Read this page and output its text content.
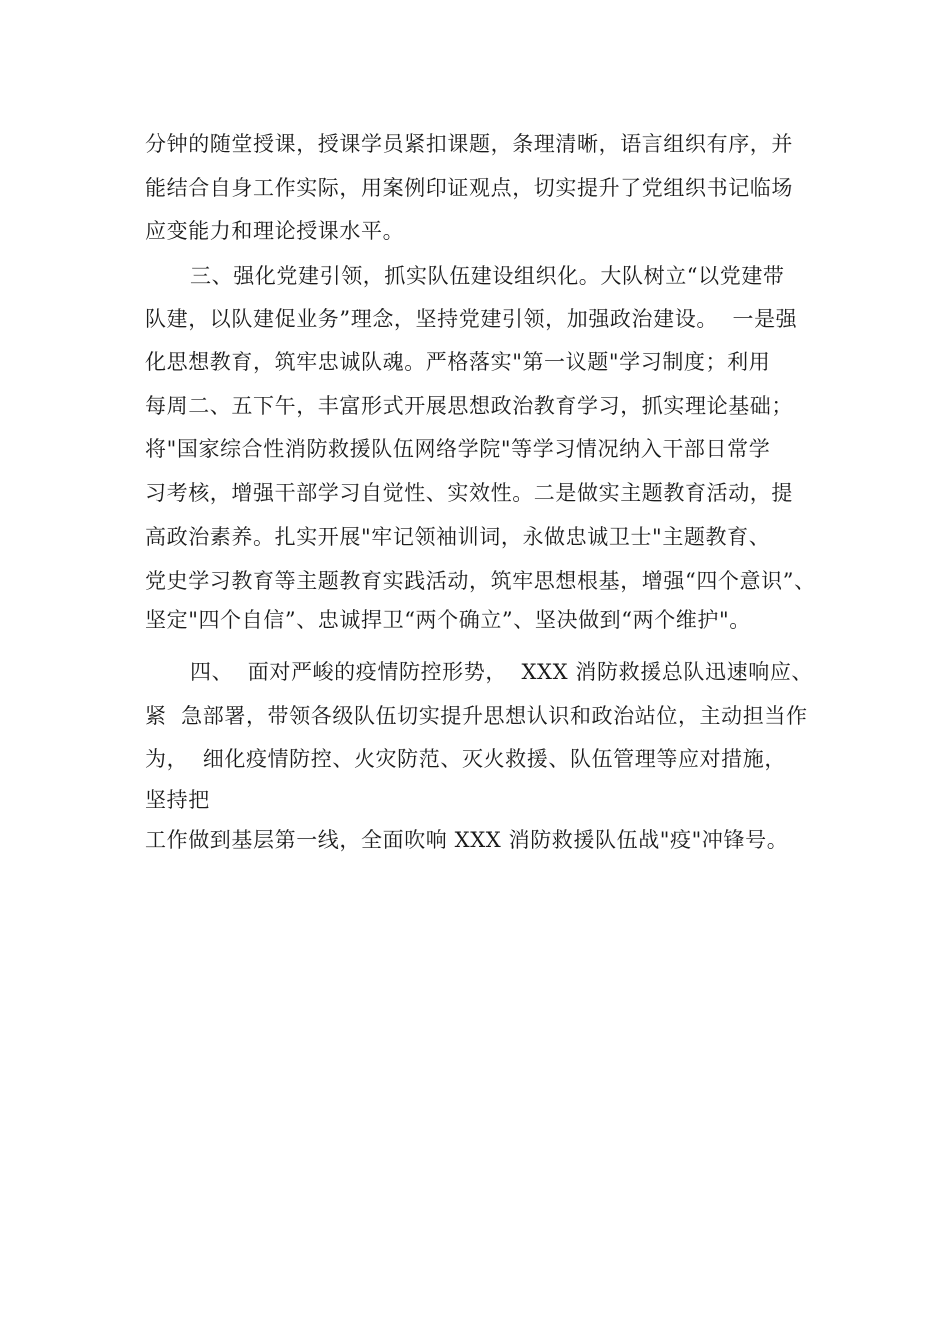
分钟的随堂授课，授课学员紧扣课题，条理清晰，语言组织有序，并
能结合自身工作实际，用案例印证观点，切实提升了党组织书记临场
应变能力和理论授课水平。
三、强化党建引领，抓实队伍建设组织化。大队树立“以党建带
队建，以队建促业务”理念，坚持党建引领，加强政治建设。  一是强
化思想教育，筑牢忠诚队魂。严格落实"第一议题"学习制度；利用
每周二、五下午，丰富形式开展思想政治教育学习，抓实理论基础；
将"国家综合性消防救援队伍网络学院"等学习情况纳入干部日常学
习考核，增强干部学习自觉性、实效性。二是做实主题教育活动，提
高政治素养。扎实开展"牢记领袖训词，永做忠诚卫士"主题教育、
党史学习教育等主题教育实践活动，筑牢思想根基，增强“四个意识”、
坚定"四个自信”、忠诚捍卫“两个确立”、坚决做到“两个维护"。
四、  面对严峻的疫情防控形势，  XXX 消防救援总队迅速响应、
紧  急部署，带领各级队伍切实提升思想认识和政治站位，主动担当作
为，  细化疫情防控、火灾防范、灭火救援、队伍管理等应对措施，
坚持把
工作做到基层第一线，全面吹响 XXX 消防救援队伍战"疫"冲锋号。
